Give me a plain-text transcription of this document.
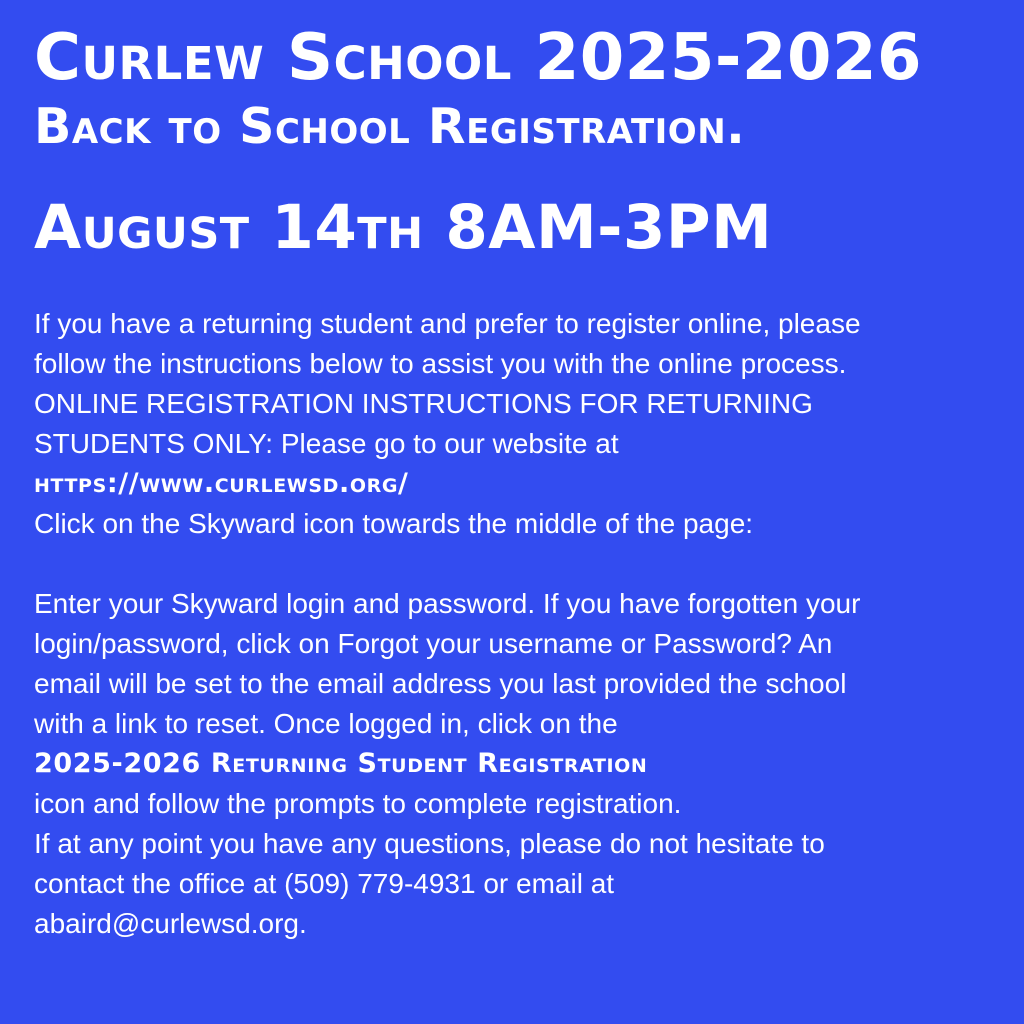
Curlew School 2025-2026
Back to School Registration.
August 14th 8AM-3PM
If you have a returning student and prefer to register online, please
follow the instructions below to assist you with the online process.
ONLINE REGISTRATION INSTRUCTIONS FOR RETURNING
STUDENTS ONLY: Please go to our website at
https://www.curlewsd.org/
Click on the Skyward icon towards the middle of the page:
Enter your Skyward login and password. If you have forgotten your
login/password, click on Forgot your username or Password? An
email will be set to the email address you last provided the school
with a link to reset. Once logged in, click on the
2025-2026 Returning Student Registration
icon and follow the prompts to complete registration.
If at any point you have any questions, please do not hesitate to
contact the office at (509) 779-4931 or email at
abaird@curlewsd.org.
